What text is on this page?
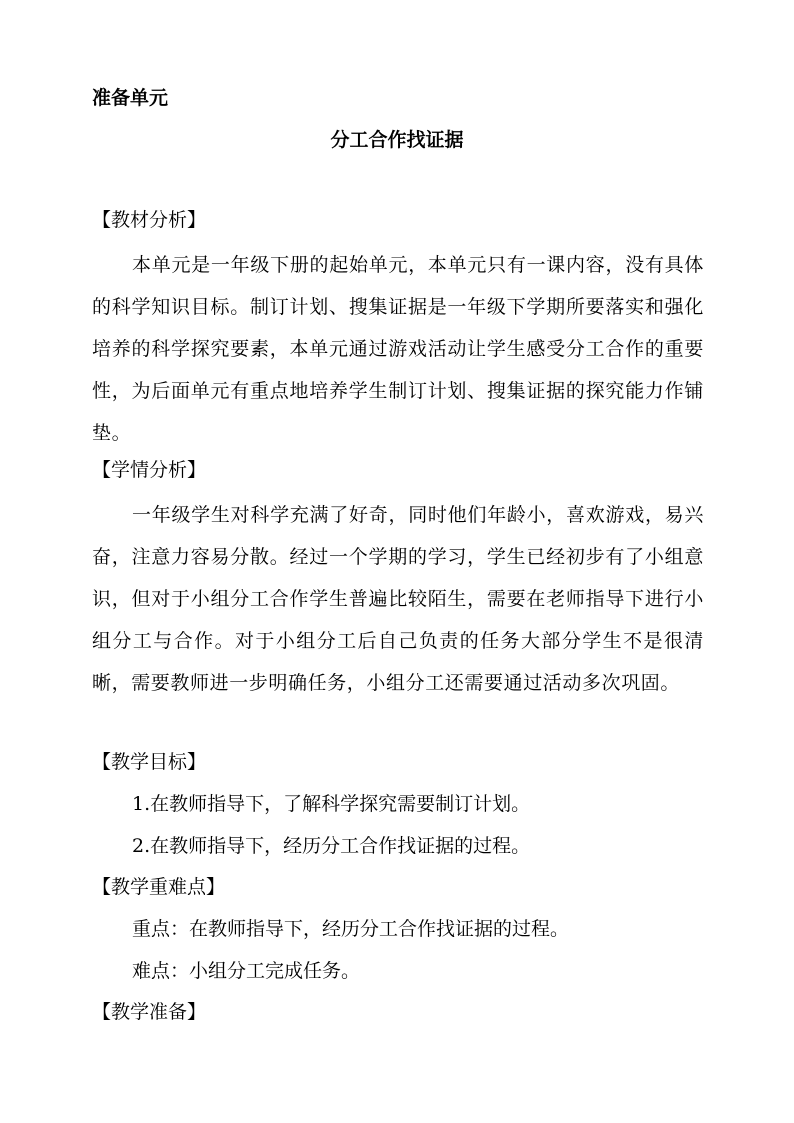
准备单元
分工合作找证据
【教材分析】
本单元是一年级下册的起始单元，本单元只有一课内容，没有具体的科学知识目标。制订计划、搜集证据是一年级下学期所要落实和强化培养的科学探究要素，本单元通过游戏活动让学生感受分工合作的重要性，为后面单元有重点地培养学生制订计划、搜集证据的探究能力作铺垫。
【学情分析】
一年级学生对科学充满了好奇，同时他们年龄小，喜欢游戏，易兴奋，注意力容易分散。经过一个学期的学习，学生已经初步有了小组意识，但对于小组分工合作学生普遍比较陌生，需要在老师指导下进行小组分工与合作。对于小组分工后自己负责的任务大部分学生不是很清晰，需要教师进一步明确任务，小组分工还需要通过活动多次巩固。
【教学目标】
1.在教师指导下，了解科学探究需要制订计划。
2.在教师指导下，经历分工合作找证据的过程。
【教学重难点】
重点：在教师指导下，经历分工合作找证据的过程。
难点：小组分工完成任务。
【教学准备】
